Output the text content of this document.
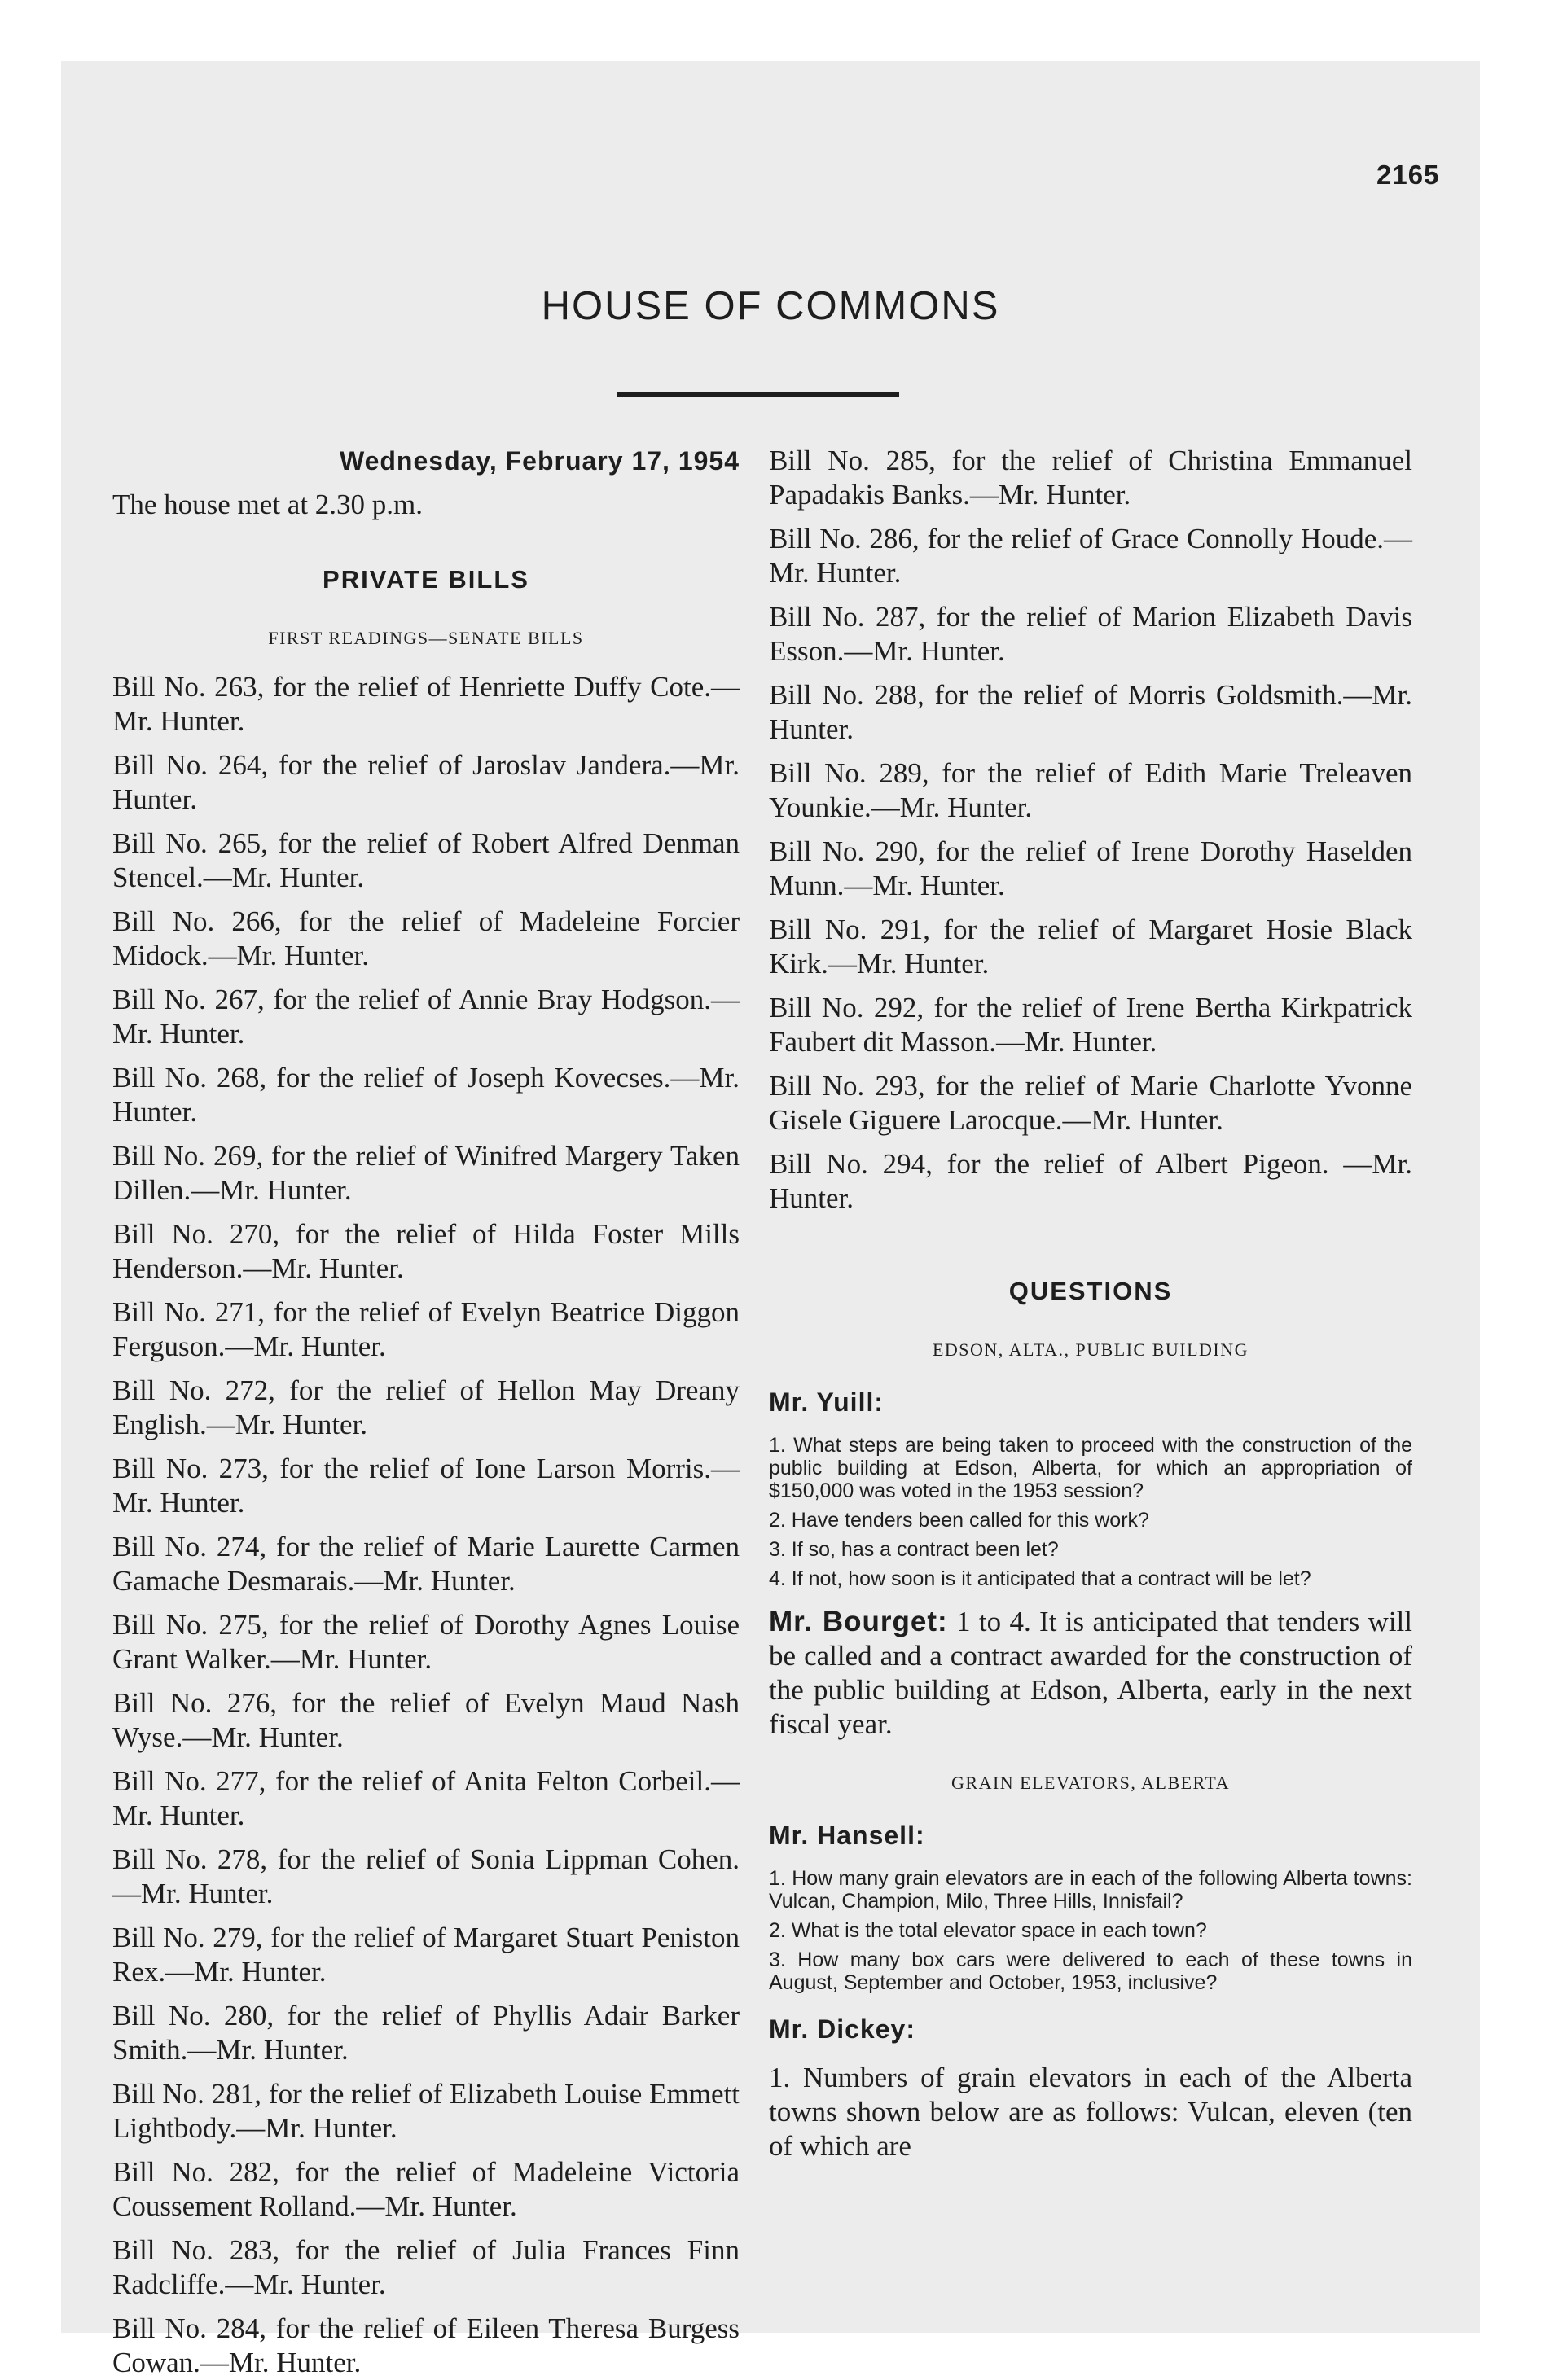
2165
HOUSE OF COMMONS

Wednesday, February 17, 1954

The house met at 2.30 p.m.

PRIVATE BILLS

FIRST READINGS—SENATE BILLS

Bill No. 263, for the relief of Henriette Duffy Cote.—Mr. Hunter.

Bill No. 264, for the relief of Jaroslav Jandera.—Mr. Hunter.

Bill No. 265, for the relief of Robert Alfred Denman Stencel.—Mr. Hunter.

Bill No. 266, for the relief of Madeleine Forcier Midock.—Mr. Hunter.

Bill No. 267, for the relief of Annie Bray Hodgson.—Mr. Hunter.

Bill No. 268, for the relief of Joseph Kovecses.—Mr. Hunter.

Bill No. 269, for the relief of Winifred Margery Taken Dillen.—Mr. Hunter.

Bill No. 270, for the relief of Hilda Foster Mills Henderson.—Mr. Hunter.

Bill No. 271, for the relief of Evelyn Beatrice Diggon Ferguson.—Mr. Hunter.

Bill No. 272, for the relief of Hellon May Dreany English.—Mr. Hunter.

Bill No. 273, for the relief of Ione Larson Morris.—Mr. Hunter.

Bill No. 274, for the relief of Marie Laurette Carmen Gamache Desmarais.—Mr. Hunter.

Bill No. 275, for the relief of Dorothy Agnes Louise Grant Walker.—Mr. Hunter.

Bill No. 276, for the relief of Evelyn Maud Nash Wyse.—Mr. Hunter.

Bill No. 277, for the relief of Anita Felton Corbeil.—Mr. Hunter.

Bill No. 278, for the relief of Sonia Lippman Cohen.—Mr. Hunter.

Bill No. 279, for the relief of Margaret Stuart Peniston Rex.—Mr. Hunter.

Bill No. 280, for the relief of Phyllis Adair Barker Smith.—Mr. Hunter.

Bill No. 281, for the relief of Elizabeth Louise Emmett Lightbody.—Mr. Hunter.

Bill No. 282, for the relief of Madeleine Victoria Coussement Rolland.—Mr. Hunter.

Bill No. 283, for the relief of Julia Frances Finn Radcliffe.—Mr. Hunter.

Bill No. 284, for the relief of Eileen Theresa Burgess Cowan.—Mr. Hunter.

Bill No. 285, for the relief of Christina Emmanuel Papadakis Banks.—Mr. Hunter.

Bill No. 286, for the relief of Grace Connolly Houde.—Mr. Hunter.

Bill No. 287, for the relief of Marion Elizabeth Davis Esson.—Mr. Hunter.

Bill No. 288, for the relief of Morris Goldsmith.—Mr. Hunter.

Bill No. 289, for the relief of Edith Marie Treleaven Younkie.—Mr. Hunter.

Bill No. 290, for the relief of Irene Dorothy Haselden Munn.—Mr. Hunter.

Bill No. 291, for the relief of Margaret Hosie Black Kirk.—Mr. Hunter.

Bill No. 292, for the relief of Irene Bertha Kirkpatrick Faubert dit Masson.—Mr. Hunter.

Bill No. 293, for the relief of Marie Charlotte Yvonne Gisele Giguere Larocque.—Mr. Hunter.

Bill No. 294, for the relief of Albert Pigeon. —Mr. Hunter.

QUESTIONS

EDSON, ALTA., PUBLIC BUILDING

Mr. Yuill:

1. What steps are being taken to proceed with the construction of the public building at Edson, Alberta, for which an appropriation of $150,000 was voted in the 1953 session?

2. Have tenders been called for this work?

3. If so, has a contract been let?

4. If not, how soon is it anticipated that a contract will be let?

Mr. Bourget: 1 to 4. It is anticipated that tenders will be called and a contract awarded for the construction of the public building at Edson, Alberta, early in the next fiscal year.

GRAIN ELEVATORS, ALBERTA

Mr. Hansell:

1. How many grain elevators are in each of the following Alberta towns: Vulcan, Champion, Milo, Three Hills, Innisfail?

2. What is the total elevator space in each town?

3. How many box cars were delivered to each of these towns in August, September and October, 1953, inclusive?

Mr. Dickey:

1. Numbers of grain elevators in each of the Alberta towns shown below are as follows: Vulcan, eleven (ten of which are
